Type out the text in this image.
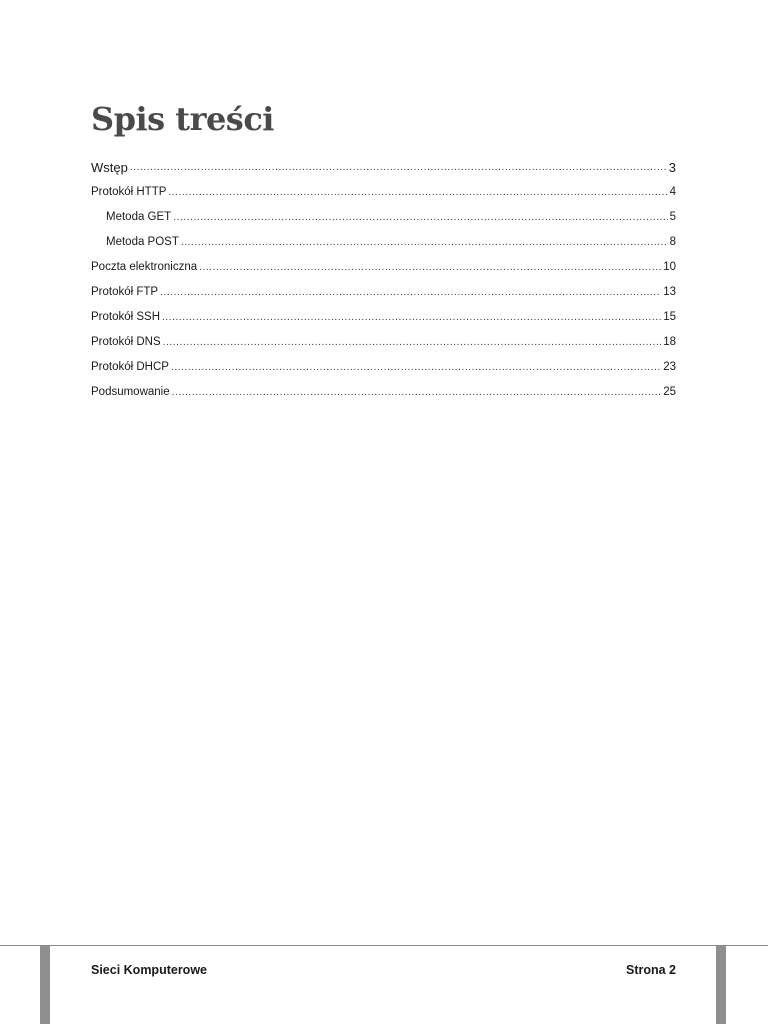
Spis treści
Wstęp .....	3
Protokół HTTP .....	4
Metoda GET .....	5
Metoda POST .....	8
Poczta elektroniczna .....	10
Protokół FTP .....	13
Protokół SSH .....	15
Protokół DNS .....	18
Protokół DHCP .....	23
Podsumowanie .....	25
Sieci Komputerowe	Strona 2
